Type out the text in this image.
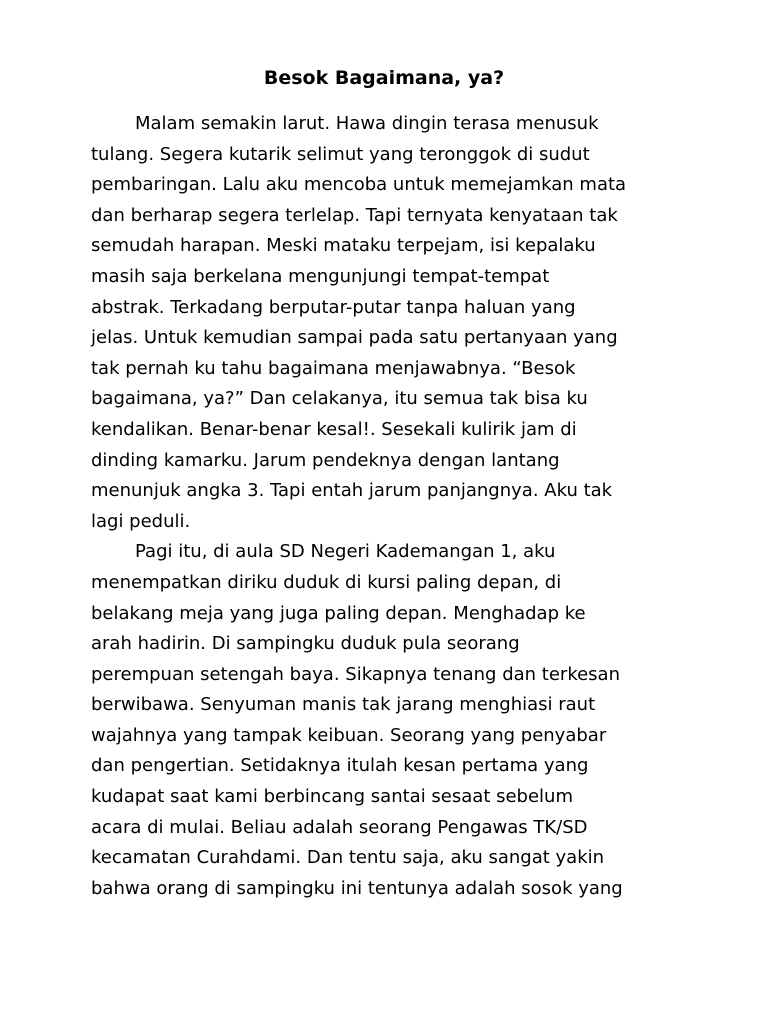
Besok Bagaimana, ya?
Malam semakin larut. Hawa dingin terasa menusuk
tulang. Segera kutarik selimut yang teronggok di sudut
pembaringan. Lalu aku mencoba untuk memejamkan mata
dan berharap segera terlelap. Tapi ternyata kenyataan tak
semudah harapan. Meski mataku terpejam, isi kepalaku
masih saja berkelana mengunjungi tempat-tempat
abstrak. Terkadang berputar-putar tanpa haluan yang
jelas. Untuk kemudian sampai pada satu pertanyaan yang
tak pernah ku tahu bagaimana menjawabnya. “Besok
bagaimana, ya?” Dan celakanya, itu semua tak bisa ku
kendalikan. Benar-benar kesal!. Sesekali kulirik jam di
dinding kamarku. Jarum pendeknya dengan lantang
menunjuk angka 3. Tapi entah jarum panjangnya. Aku tak
lagi peduli.
Pagi itu, di aula SD Negeri Kademangan 1, aku
menempatkan diriku duduk di kursi paling depan, di
belakang meja yang juga paling depan. Menghadap ke
arah hadirin. Di sampingku duduk pula seorang
perempuan setengah baya. Sikapnya tenang dan terkesan
berwibawa. Senyuman manis tak jarang menghiasi raut
wajahnya yang tampak keibuan. Seorang yang penyabar
dan pengertian. Setidaknya itulah kesan pertama yang
kudapat saat kami berbincang santai sesaat sebelum
acara di mulai. Beliau adalah seorang Pengawas TK/SD
kecamatan Curahdami. Dan tentu saja, aku sangat yakin
bahwa orang di sampingku ini tentunya adalah sosok yang
